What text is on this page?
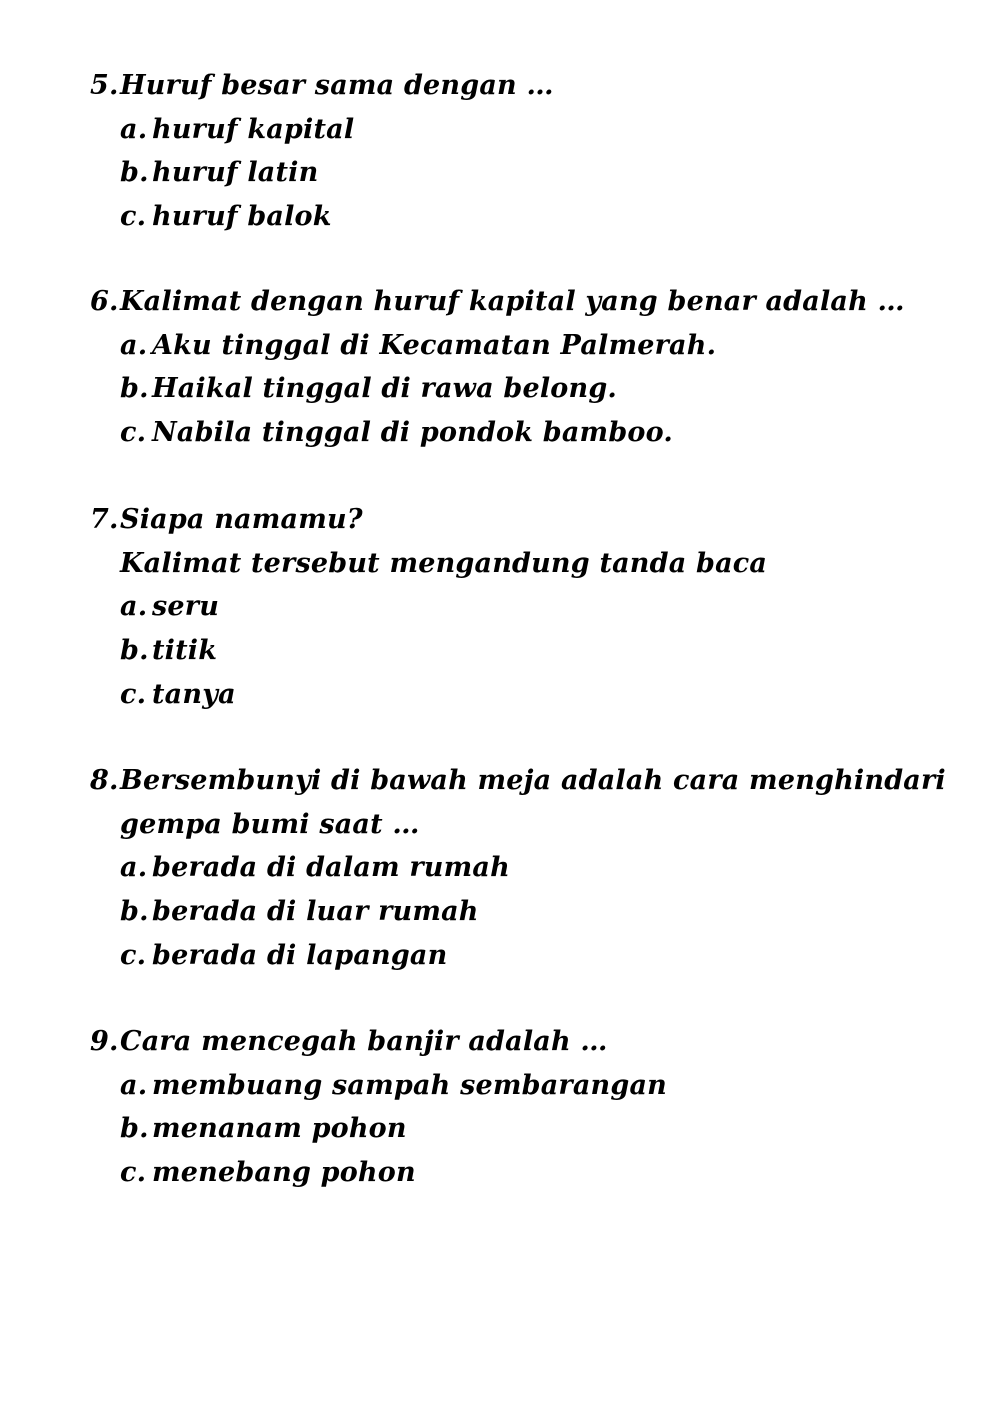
5.Huruf besar sama dengan …
a. huruf kapital
b. huruf latin
c. huruf balok
6.Kalimat dengan huruf kapital yang benar adalah …
a. Aku tinggal di Kecamatan Palmerah.
b. Haikal tinggal di rawa belong.
c. Nabila tinggal di pondok bamboo.
7.Siapa namamu?
Kalimat tersebut mengandung tanda baca
a. seru
b. titik
c. tanya
8.Bersembunyi di bawah meja adalah cara menghindari
gempa bumi saat …
a. berada di dalam rumah
b. berada di luar rumah
c. berada di lapangan
9.Cara mencegah banjir adalah …
a. membuang sampah sembarangan
b. menanam pohon
c. menebang pohon
